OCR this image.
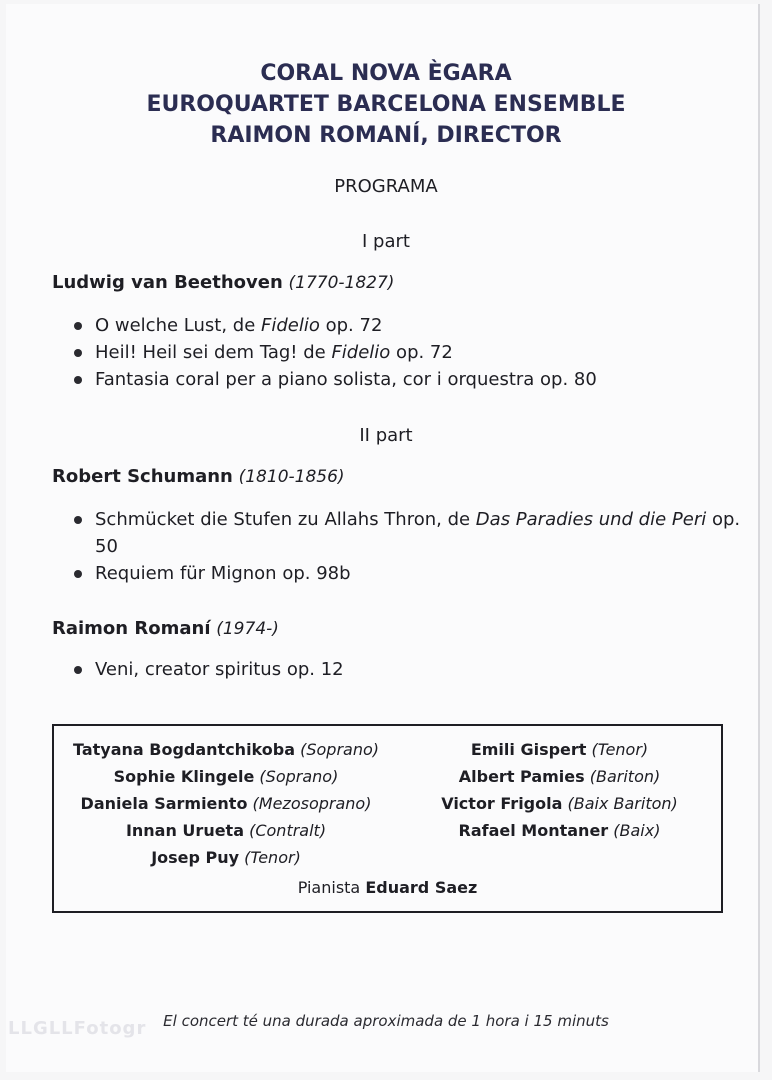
CORAL NOVA ÈGARA
EUROQUARTET BARCELONA ENSEMBLE
RAIMON ROMANÍ, DIRECTOR
PROGRAMA
I part
Ludwig van Beethoven (1770-1827)
O welche Lust, de Fidelio op. 72
Heil! Heil sei dem Tag! de Fidelio op. 72
Fantasia coral per a piano solista, cor i orquestra op. 80
II part
Robert Schumann (1810-1856)
Schmücket die Stufen zu Allahs Thron, de Das Paradies und die Peri op. 50
Requiem für Mignon op. 98b
Raimon Romaní (1974-)
Veni, creator spiritus op. 12
Tatyana Bogdantchikoba (Soprano)
Sophie Klingele (Soprano)
Daniela Sarmiento (Mezosoprano)
Innan Urueta (Contralt)
Josep Puy (Tenor)
Emili Gispert (Tenor)
Albert Pamies (Bariton)
Victor Frigola (Baix Bariton)
Rafael Montaner (Baix)
Pianista Eduard Saez
LLGLLFotogr	El concert té una durada aproximada de 1 hora i 15 minuts
